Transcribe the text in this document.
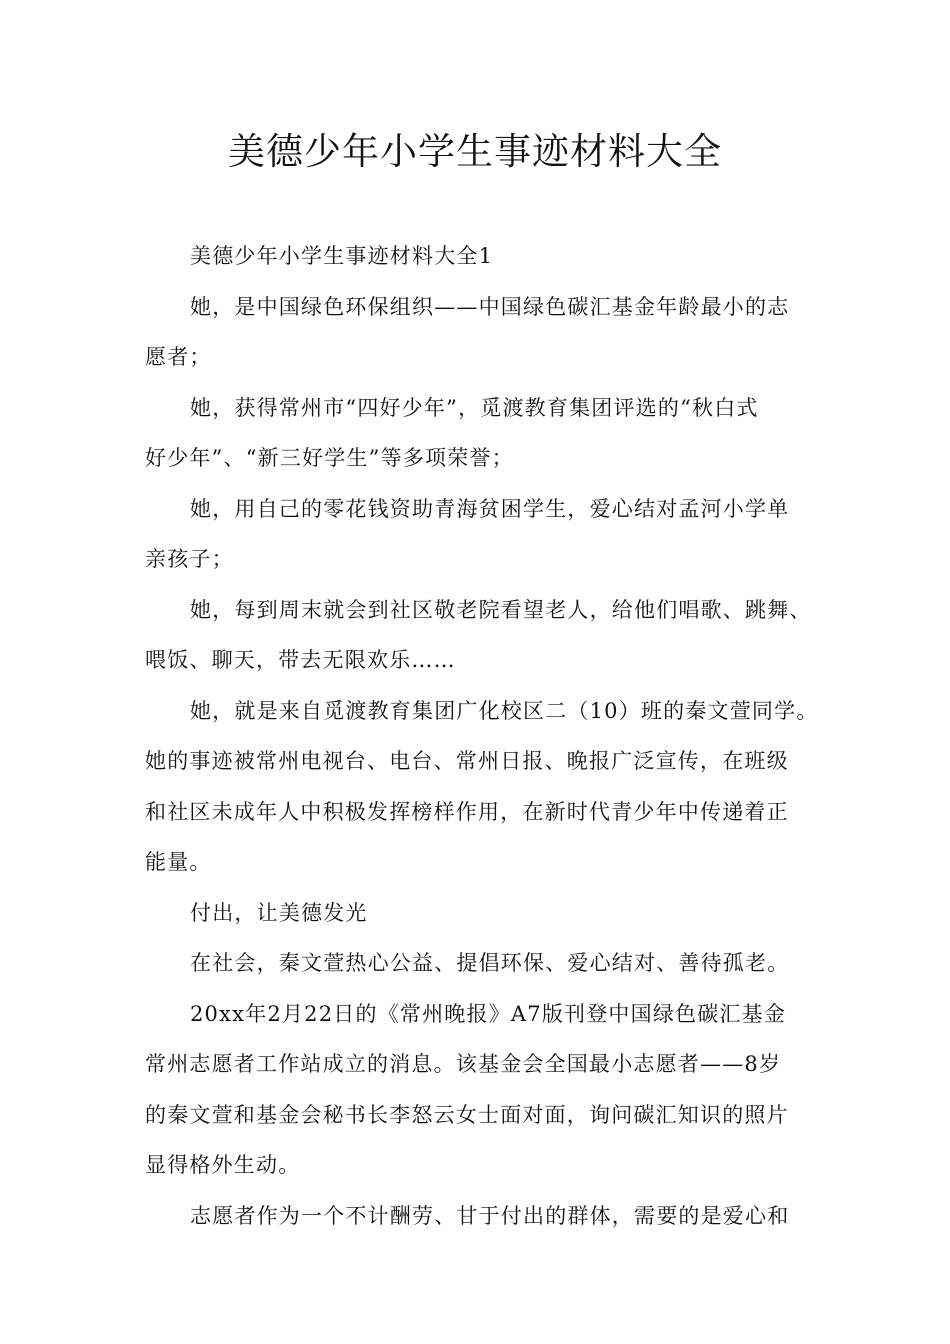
美德少年小学生事迹材料大全
美德少年小学生事迹材料大全1
她，是中国绿色环保组织——中国绿色碳汇基金年龄最小的志
愿者；
她，获得常州市“四好少年”，觅渡教育集团评选的“秋白式
好少年”、“新三好学生”等多项荣誉；
她，用自己的零花钱资助青海贫困学生，爱心结对孟河小学单
亲孩子；
她，每到周末就会到社区敬老院看望老人，给他们唱歌、跳舞、
喂饭、聊天，带去无限欢乐……
她，就是来自觅渡教育集团广化校区二（10）班的秦文萱同学。
她的事迹被常州电视台、电台、常州日报、晚报广泛宣传，在班级
和社区未成年人中积极发挥榜样作用，在新时代青少年中传递着正
能量。
付出，让美德发光
在社会，秦文萱热心公益、提倡环保、爱心结对、善待孤老。
20xx年2月22日的《常州晚报》A7版刊登中国绿色碳汇基金
常州志愿者工作站成立的消息。该基金会全国最小志愿者——8岁
的秦文萱和基金会秘书长李怒云女士面对面，询问碳汇知识的照片
显得格外生动。
志愿者作为一个不计酬劳、甘于付出的群体，需要的是爱心和
